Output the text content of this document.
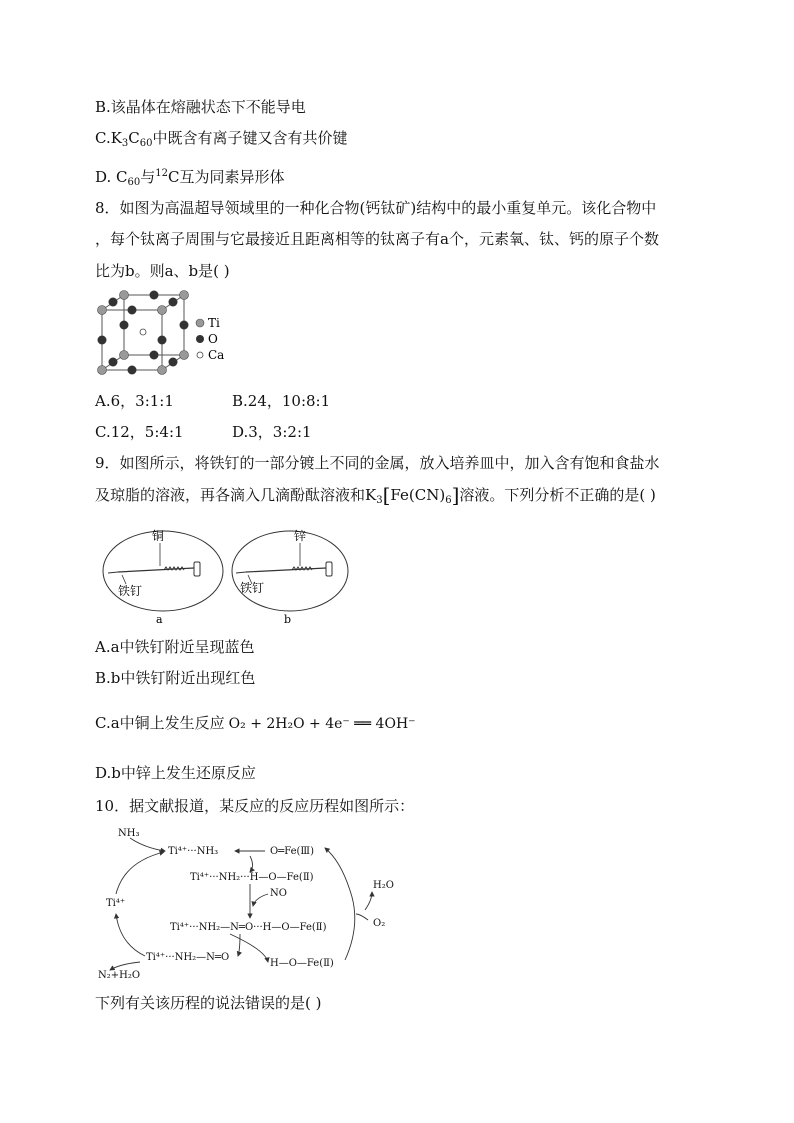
B.该晶体在熔融状态下不能导电
$C.K_3C_{60}$中既含有离子键又含有共价键
D. $C_{60}$与$^{12}$C互为同素异形体
8．如图为高温超导领域里的一种化合物(钙钛矿)结构中的最小重复单元。该化合物中
，每个钛离子周围与它最接近且距离相等的钛离子有a个，元素氧、钛、钙的原子个数
比为b。则a、b是( )
Ti
O
Ca
A.6，3:1:1	B.24，10:8:1
C.12，5:4:1	D.3，3:2:1
9．如图所示，将铁钉的一部分镀上不同的金属，放入培养皿中，加入含有饱和食盐水
及琼脂的溶液，再各滴入几滴酚酞溶液和$K_3[Fe(CN)_6]$溶液。下列分析不正确的是( )
铜
铁钉
a
锌
铁钉
b
A.a中铁钉附近呈现蓝色
B.b中铁钉附近出现红色
C.a中铜上发生反应 O₂ + 2H₂O + 4e⁻ ══ 4OH⁻
D.b中锌上发生还原反应
10．据文献报道，某反应的反应历程如图所示：
NH₃
Ti⁴⁺···NH₃	O═Fe(Ⅲ)
Ti⁴⁺···NH₂···H—O—Fe(Ⅱ)
NO
Ti⁴⁺
Ti⁴⁺···NH₂—N═O···H—O—Fe(Ⅱ)
H₂O
O₂
Ti⁴⁺···NH₂—N═O
H—O—Fe(Ⅱ)
N₂+H₂O
下列有关该历程的说法错误的是( )
